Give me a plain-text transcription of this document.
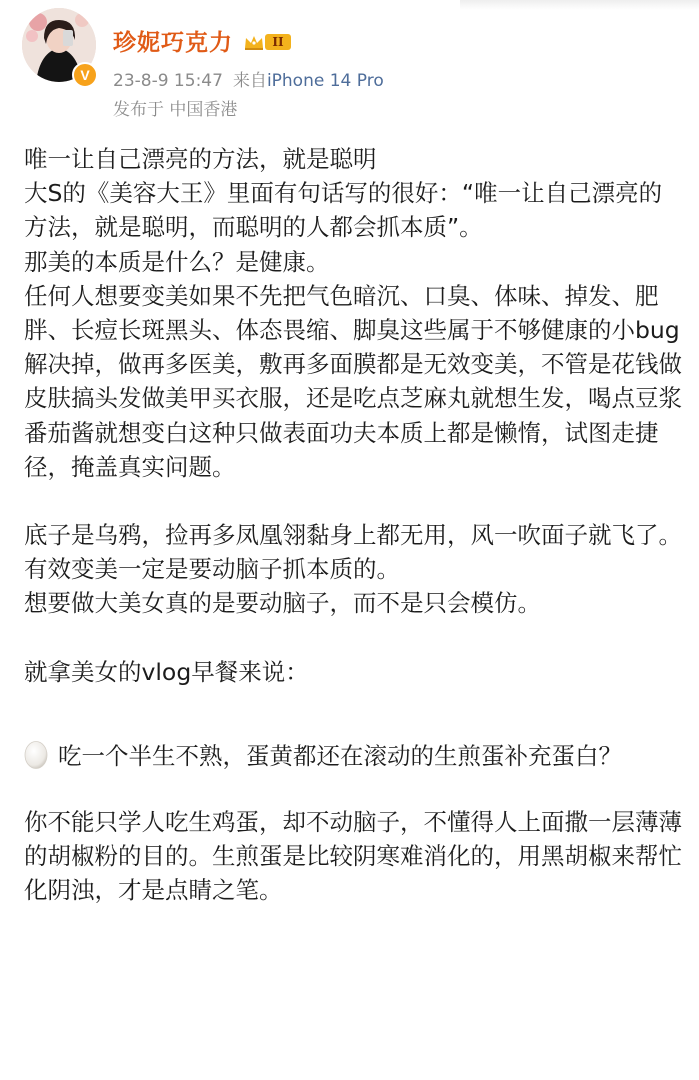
V
珍妮巧克力	II
23-8-9 15:47 来自iPhone 14 Pro
发布于 中国香港

唯一让自己漂亮的方法，就是聪明

大S的《美容大王》里面有句话写的很好：“唯一让自己漂亮的方法，就是聪明，而聪明的人都会抓本质”。

那美的本质是什么？是健康。

任何人想要变美如果不先把气色暗沉、口臭、体味、掉发、肥胖、长痘长斑黑头、体态畏缩、脚臭这些属于不够健康的小bug解决掉，做再多医美，敷再多面膜都是无效变美，不管是花钱做皮肤搞头发做美甲买衣服，还是吃点芝麻丸就想生发，喝点豆浆番茄酱就想变白这种只做表面功夫本质上都是懒惰，试图走捷径，掩盖真实问题。

底子是乌鸦，捡再多凤凰翎黏身上都无用，风一吹面子就飞了。

有效变美一定是要动脑子抓本质的。

想要做大美女真的是要动脑子，而不是只会模仿。

就拿美女的vlog早餐来说：

吃一个半生不熟，蛋黄都还在滚动的生煎蛋补充蛋白？

你不能只学人吃生鸡蛋，却不动脑子，不懂得人上面撒一层薄薄的胡椒粉的目的。生煎蛋是比较阴寒难消化的，用黑胡椒来帮忙化阴浊，才是点睛之笔。
